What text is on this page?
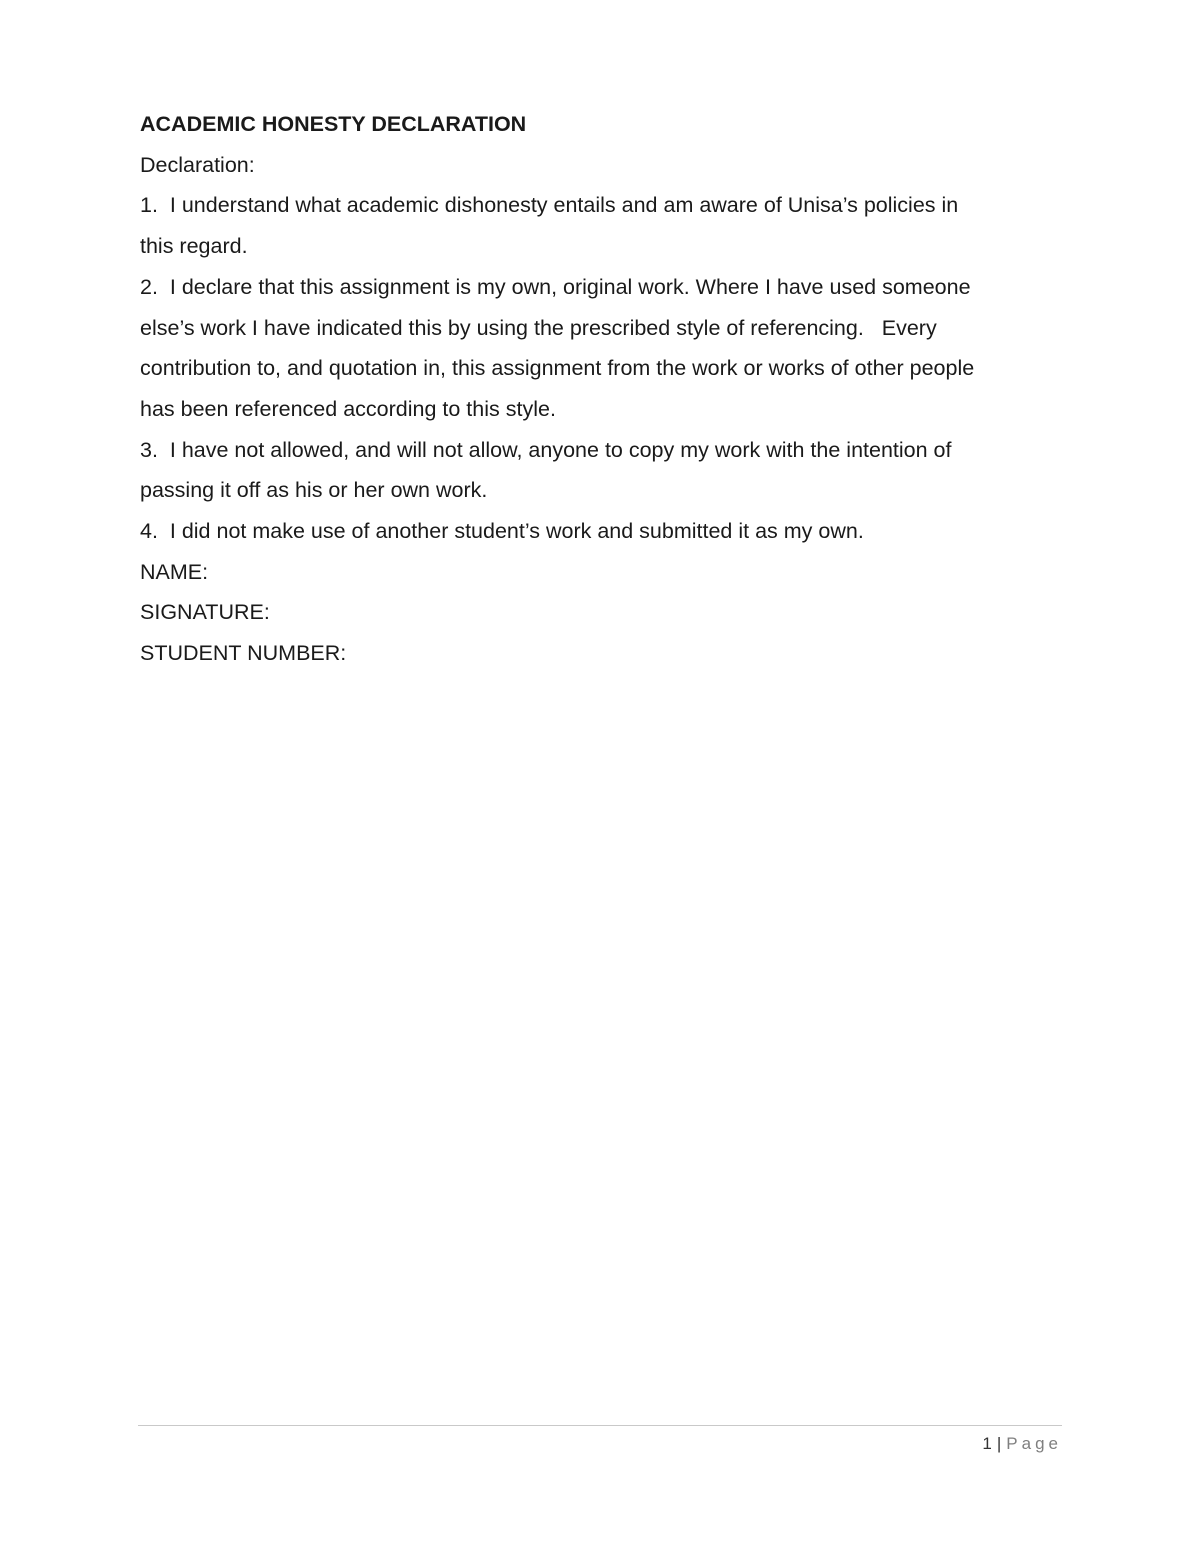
ACADEMIC HONESTY DECLARATION

Declaration:

1.  I understand what academic dishonesty entails and am aware of Unisa’s policies in

this regard.

2.  I declare that this assignment is my own, original work. Where I have used someone

else’s work I have indicated this by using the prescribed style of referencing.   Every

contribution to, and quotation in, this assignment from the work or works of other people

has been referenced according to this style.

3.  I have not allowed, and will not allow, anyone to copy my work with the intention of

passing it off as his or her own work.

4.  I did not make use of another student’s work and submitted it as my own.

NAME:

SIGNATURE:

STUDENT NUMBER:

1 | Page
